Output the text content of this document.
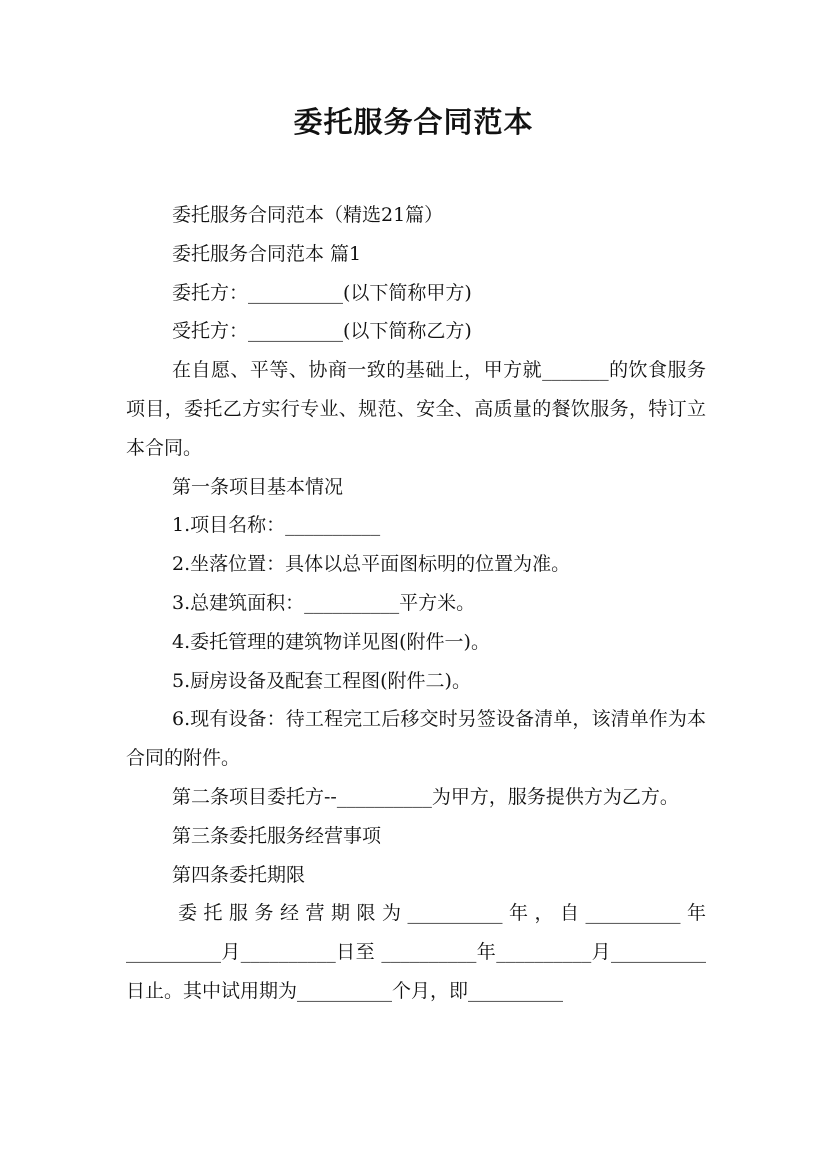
委托服务合同范本

委托服务合同范本（精选21篇）

委托服务合同范本 篇1

委托方：__________(以下简称甲方)

受托方：__________(以下简称乙方)

在自愿、平等、协商一致的基础上，甲方就_______的饮食服务项目，委托乙方实行专业、规范、安全、高质量的餐饮服务，特订立本合同。

第一条项目基本情况

1.项目名称：__________

2.坐落位置：具体以总平面图标明的位置为准。

3.总建筑面积：__________平方米。

4.委托管理的建筑物详见图(附件一)。

5.厨房设备及配套工程图(附件二)。

6.现有设备：待工程完工后移交时另签设备清单，该清单作为本合同的附件。

第二条项目委托方--__________为甲方，服务提供方为乙方。

第三条委托服务经营事项

第四条委托期限

委托服务经营期限为__________年，自__________年__________月__________日至 __________年__________月__________日止。其中试用期为__________个月，即__________
